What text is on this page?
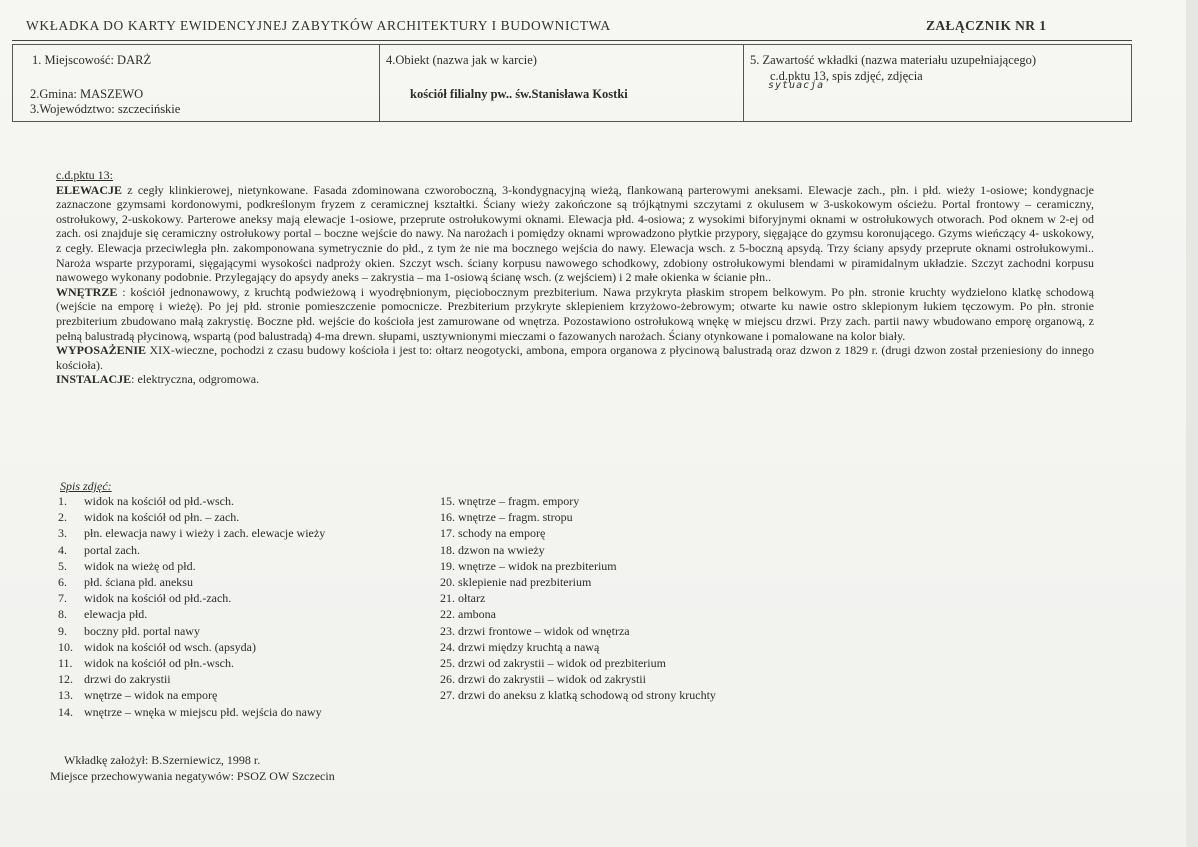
WKŁADKA DO KARTY EWIDENCYJNEJ ZABYTKÓW ARCHITEKTURY I BUDOWNICTWA	ZAŁĄCZNIK NR 1
1. Miejscowość: DARŻ
2.Gmina: MASZEWO
3.Województwo: szczecińskie
4.Obiekt (nazwa jak w karcie)
kościół filialny pw.. św.Stanisława Kostki
5. Zawartość wkładki (nazwa materiału uzupełniającego)
c.d.pktu 13, spis zdjęć, zdjęcia
sytuacja

c.d.pktu 13:

ELEWACJE z cegły klinkierowej, nietynkowane. Fasada zdominowana czworoboczną, 3-kondygnacyjną wieżą, flankowaną parterowymi aneksami. Elewacje zach., płn. i płd. wieży 1-osiowe; kondygnacje zaznaczone gzymsami kordonowymi, podkreślonym fryzem z ceramicznej kształtki. Ściany wieży zakończone są trójkątnymi szczytami z okulusem w 3-uskokowym ościeżu. Portal frontowy – ceramiczny, ostrołukowy, 2-uskokowy. Parterowe aneksy mają elewacje 1-osiowe, przeprute ostrołukowymi oknami. Elewacja płd. 4-osiowa; z wysokimi biforyjnymi oknami w ostrołukowych otworach. Pod oknem w 2-ej od zach. osi znajduje się ceramiczny ostrołukowy portal – boczne wejście do nawy. Na narożach i pomiędzy oknami wprowadzono płytkie przypory, sięgające do gzymsu koronującego. Gzyms wieńczący 4- uskokowy, z cegły. Elewacja przeciwległa płn. zakomponowana symetrycznie do płd., z tym że nie ma bocznego wejścia do nawy. Elewacja wsch. z 5-boczną apsydą. Trzy ściany apsydy przeprute oknami ostrołukowymi.. Naroża wsparte przyporami, sięgającymi wysokości nadproży okien. Szczyt wsch. ściany korpusu nawowego schodkowy, zdobiony ostrołukowymi blendami w piramidalnym układzie. Szczyt zachodni korpusu nawowego wykonany podobnie. Przylegający do apsydy aneks – zakrystia – ma 1-osiową ścianę wsch. (z wejściem) i 2 małe okienka w ścianie płn..

WNĘTRZE : kościół jednonawowy, z kruchtą podwieżową i wyodrębnionym, pięciobocznym prezbiterium. Nawa przykryta płaskim stropem belkowym. Po płn. stronie kruchty wydzielono klatkę schodową (wejście na emporę i wieżę). Po jej płd. stronie pomieszczenie pomocnicze. Prezbiterium przykryte sklepieniem krzyżowo-żebrowym; otwarte ku nawie ostro sklepionym łukiem tęczowym. Po płn. stronie prezbiterium zbudowano małą zakrystię. Boczne płd. wejście do kościoła jest zamurowane od wnętrza. Pozostawiono ostrołukową wnękę w miejscu drzwi. Przy zach. partii nawy wbudowano emporę organową, z pełną balustradą płycinową, wspartą (pod balustradą) 4-ma drewn. słupami, usztywnionymi mieczami o fazowanych narożach. Ściany otynkowane i pomalowane na kolor biały.

WYPOSAŻENIE XIX-wieczne, pochodzi z czasu budowy kościoła i jest to: ołtarz neogotycki, ambona, empora organowa z płycinową balustradą oraz dzwon z 1829 r. (drugi dzwon został przeniesiony do innego kościoła).

INSTALACJE: elektryczna, odgromowa.

Spis zdjęć:
1.	widok na kościół od płd.-wsch.
2.	widok na kościół od płn. – zach.
3.	płn. elewacja nawy i wieży i zach. elewacje wieży
4.	portal zach.
5.	widok na wieżę od płd.
6.	płd. ściana płd. aneksu
7.	widok na kościół od płd.-zach.
8.	elewacja płd.
9.	boczny płd. portal nawy
10. widok na kościół od wsch. (apsyda)
11. widok na kościół od płn.-wsch.
12. drzwi do zakrystii
13. wnętrze – widok na emporę
14. wnętrze – wnęka w miejscu płd. wejścia do nawy
15. wnętrze – fragm. empory
16. wnętrze – fragm. stropu
17. schody na emporę
18. dzwon na wwieży
19. wnętrze – widok na prezbiterium
20. sklepienie nad prezbiterium
21. ołtarz
22. ambona
23. drzwi frontowe – widok od wnętrza
24. drzwi między kruchtą a nawą
25. drzwi od zakrystii – widok od prezbiterium
26. drzwi do zakrystii – widok od zakrystii
27. drzwi do aneksu z klatką schodową od strony kruchty
Wkładkę założył: B.Szerniewicz, 1998 r.
Miejsce przechowywania negatywów: PSOZ OW Szczecin
